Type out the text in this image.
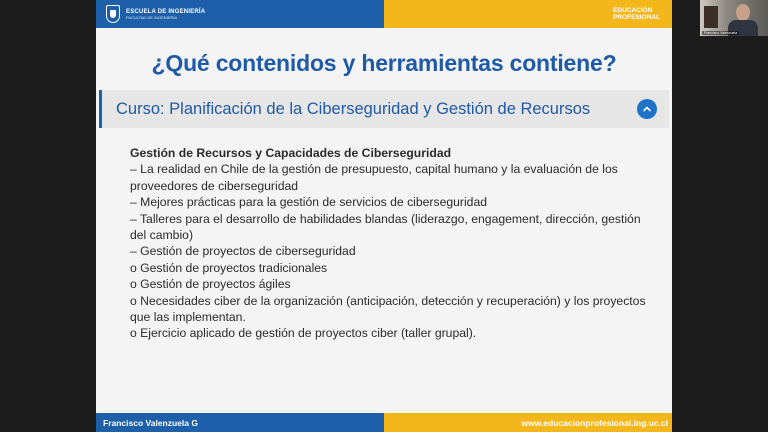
ESCUELA DE INGENIERÍA
FACULTAD DE INGENIERÍA
EDUCACIÓN
PROFESIONAL
¿Qué contenidos y herramientas contiene?
Curso: Planificación de la Ciberseguridad y Gestión de Recursos

Gestión de Recursos y Capacidades de Ciberseguridad

– La realidad en Chile de la gestión de presupuesto, capital humano y la evaluación de los proveedores de ciberseguridad

– Mejores prácticas para la gestión de servicios de ciberseguridad

– Talleres para el desarrollo de habilidades blandas (liderazgo, engagement, dirección, gestión del cambio)

– Gestión de proyectos de ciberseguridad

o Gestión de proyectos tradicionales

o Gestión de proyectos ágiles

o Necesidades ciber de la organización (anticipación, detección y recuperación) y los proyectos que las implementan.

o Ejercicio aplicado de gestión de proyectos ciber (taller grupal).

Francisco Valenzuela G	www.educacionprofesional.ing.uc.cl
Francisco Valenzuela
